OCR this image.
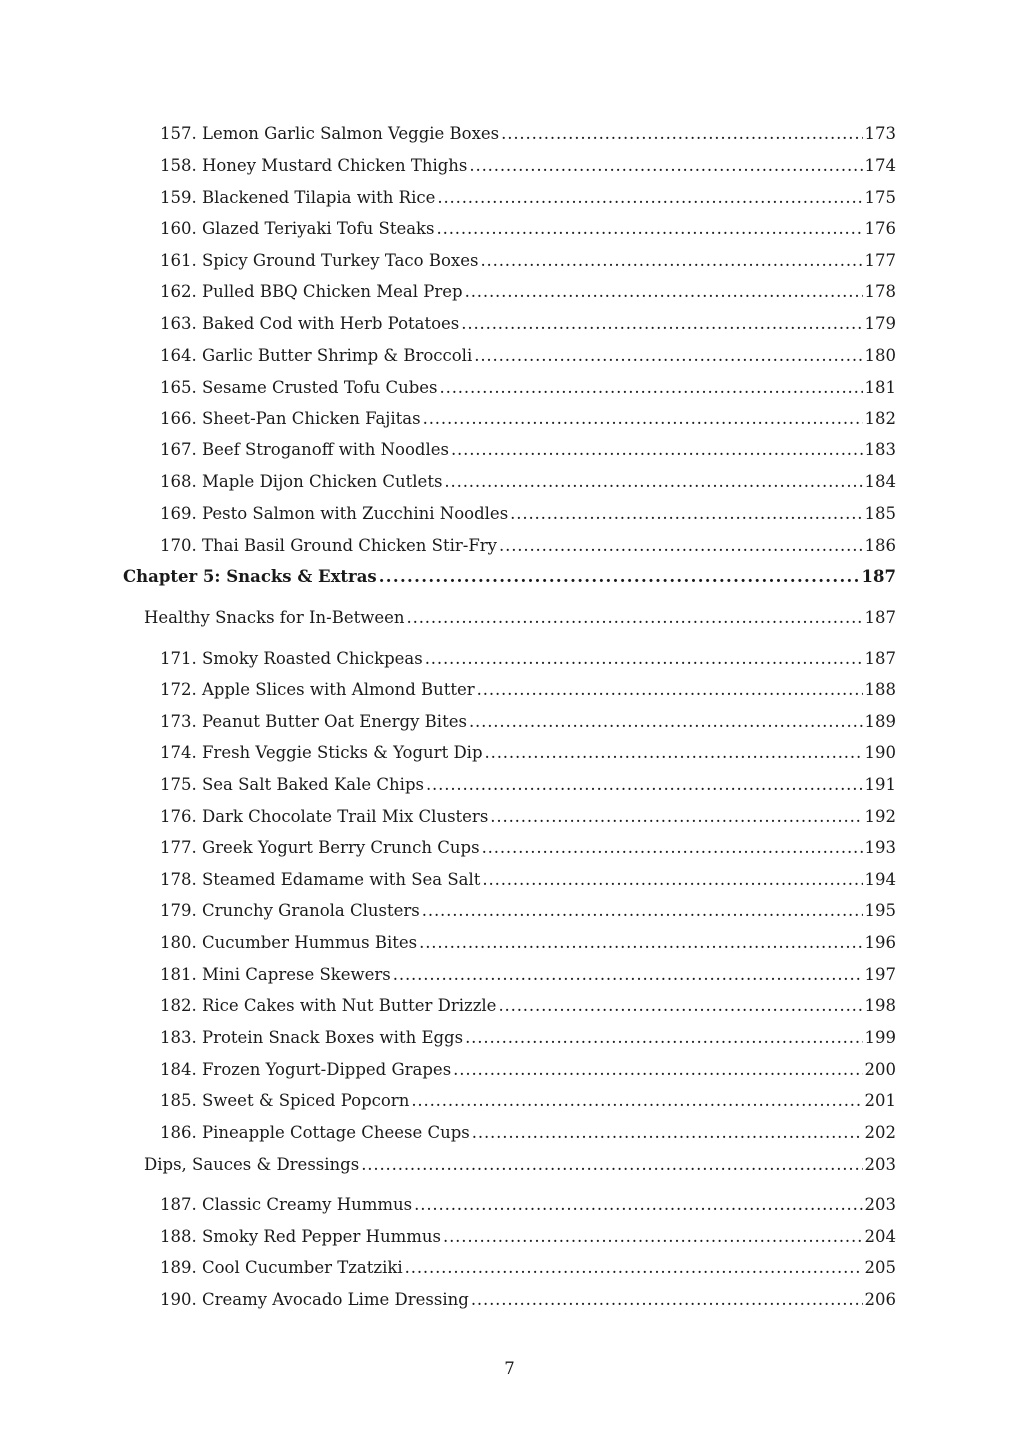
157. Lemon Garlic Salmon Veggie Boxes . . .	173
158. Honey Mustard Chicken Thighs . . .	174
159. Blackened Tilapia with Rice . . .	175
160. Glazed Teriyaki Tofu Steaks . . .	176
161. Spicy Ground Turkey Taco Boxes . . .	177
162. Pulled BBQ Chicken Meal Prep . . .	178
163. Baked Cod with Herb Potatoes . . .	179
164. Garlic Butter Shrimp & Broccoli . . .	180
165. Sesame Crusted Tofu Cubes . . .	181
166. Sheet-Pan Chicken Fajitas . . .	182
167. Beef Stroganoff with Noodles . . .	183
168. Maple Dijon Chicken Cutlets . . .	184
169. Pesto Salmon with Zucchini Noodles . . .	185
170. Thai Basil Ground Chicken Stir-Fry . . .	186
Chapter 5: Snacks & Extras . . .	187
Healthy Snacks for In-Between . . .	187
171. Smoky Roasted Chickpeas . . .	187
172. Apple Slices with Almond Butter . . .	188
173. Peanut Butter Oat Energy Bites . . .	189
174. Fresh Veggie Sticks & Yogurt Dip . . .	190
175. Sea Salt Baked Kale Chips . . .	191
176. Dark Chocolate Trail Mix Clusters . . .	192
177. Greek Yogurt Berry Crunch Cups . . .	193
178. Steamed Edamame with Sea Salt . . .	194
179. Crunchy Granola Clusters . . .	195
180. Cucumber Hummus Bites . . .	196
181. Mini Caprese Skewers . . .	197
182. Rice Cakes with Nut Butter Drizzle . . .	198
183. Protein Snack Boxes with Eggs . . .	199
184. Frozen Yogurt-Dipped Grapes . . .	200
185. Sweet & Spiced Popcorn . . .	201
186. Pineapple Cottage Cheese Cups . . .	202
Dips, Sauces & Dressings . . .	203
187. Classic Creamy Hummus . . .	203
188. Smoky Red Pepper Hummus . . .	204
189. Cool Cucumber Tzatziki . . .	205
190. Creamy Avocado Lime Dressing . . .	206
7
